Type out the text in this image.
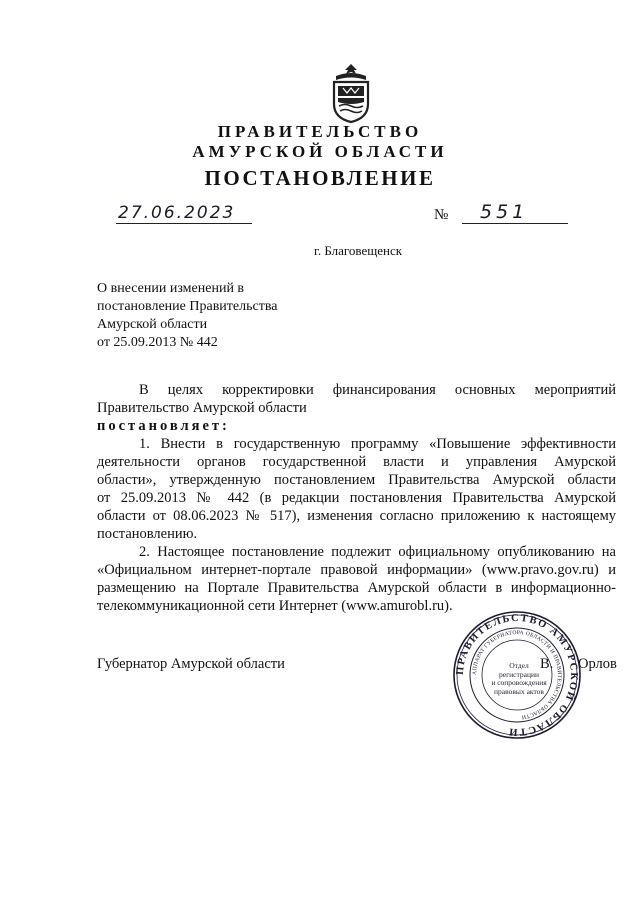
ПРАВИТЕЛЬСТВО
АМУРСКОЙ ОБЛАСТИ
ПОСТАНОВЛЕНИЕ
27.06.2023	№ 551
г. Благовещенск
О внесении изменений в
постановление Правительства
Амурской области
от 25.09.2013 № 442
В целях корректировки финансирования основных мероприятий
Правительство Амурской области
постановляет:
1. Внести в государственную программу «Повышение эффективности
деятельности органов государственной власти и управления Амурской
области», утвержденную постановлением Правительства Амурской области
от 25.09.2013 № 442 (в редакции постановления Правительства Амурской
области от 08.06.2023 № 517), изменения согласно приложению к настоящему
постановлению.
2. Настоящее постановление подлежит официальному опубликованию на
«Официальном интернет-портале правовой информации» (www.pravo.gov.ru) и
размещению на Портале Правительства Амурской области в информационно-
телекоммуникационной сети Интернет (www.amurobl.ru).
Губернатор Амурской области	В. Орлов
ПРАВИТЕЛЬСТВО АМУРСКОЙ ОБЛАСТИ
АППАРАТ ГУБЕРНАТОРА ОБЛАСТИ И ПРАВИТЕЛЬСТВА ОБЛАСТИ
Отдел
регистрации
и сопровождения
правовых актов
